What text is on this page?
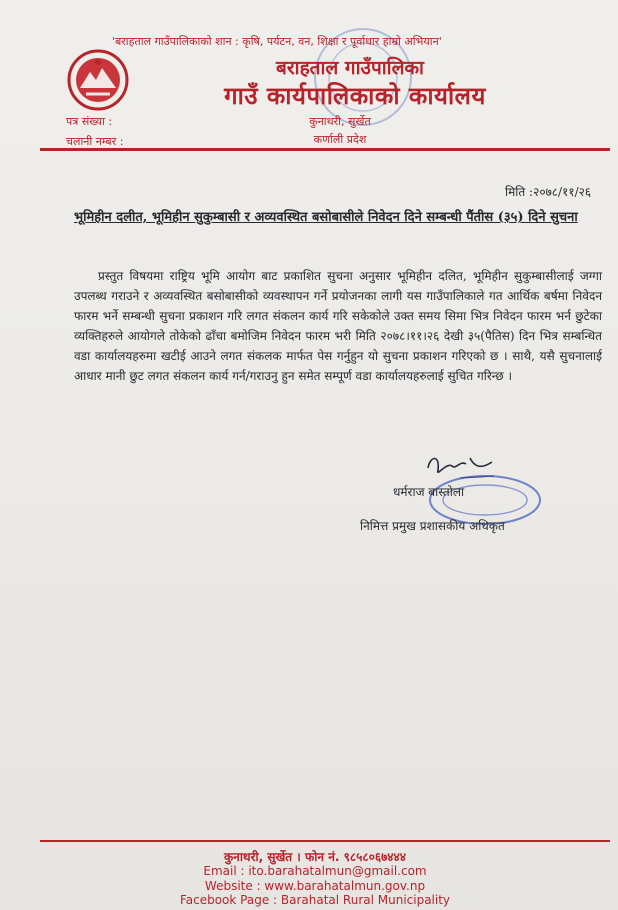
'बराहताल गाउँपालिकाको शान : कृषि, पर्यटन, वन, शिक्षा र पूर्वाधार हाम्रो अभियान'
बराहताल गाउँपालिका
गाउँ कार्यपालिकाको कार्यालय
पत्र संख्या :
चलानी नम्बर :
कुनाथरी, सुर्खेत
कर्णाली प्रदेश
मिति :२०७८/११/२६
भूमिहीन दलीत, भूमिहीन सुकुम्बासी र अव्यवस्थित बसोबासीले निवेदन दिने सम्बन्धी पैंतीस (३५) दिने सुचना
प्रस्तुत विषयमा राष्ट्रिय भूमि आयोग बाट प्रकाशित सुचना अनुसार भूमिहीन दलित, भूमिहीन सुकुम्बासीलाई जग्गा उपलब्ध गराउने र अव्यवस्थित बसोबासीको व्यवस्थापन गर्ने प्रयोजनका लागी यस गाउँपालिकाले गत आर्थिक बर्षमा निवेदन फारम भर्ने सम्बन्धी सुचना प्रकाशन गरि लगत संकलन कार्य गरि सकेकोले उक्त समय सिमा भित्र निवेदन फारम भर्न छुटेका व्यक्तिहरुले आयोगले तोकेको ढाँचा बमोजिम निवेदन फारम भरी मिति २०७८।११।२६ देखी ३५(पैतिस) दिन भित्र सम्बन्धित वडा कार्यालयहरुमा खटीई आउने लगत संकलक मार्फत पेस गर्नुहुन यो सुचना प्रकाशन गरिएको छ । साथै, यसै सुचनालाई आधार मानी छुट लगत संकलन कार्य गर्न/गराउनु हुन समेत सम्पूर्ण वडा कार्यालयहरुलाई सुचित गरिन्छ ।
धर्मराज बास्तोला
निमित्त प्रमुख प्रशासकीय अधिकृत
कुनाथरी, सुर्खेत । फोन नं. ९८५८०६७४४४
Email : ito.barahatalmun@gmail.com
Website : www.barahatalmun.gov.np
Facebook Page : Barahatal Rural Municipality
